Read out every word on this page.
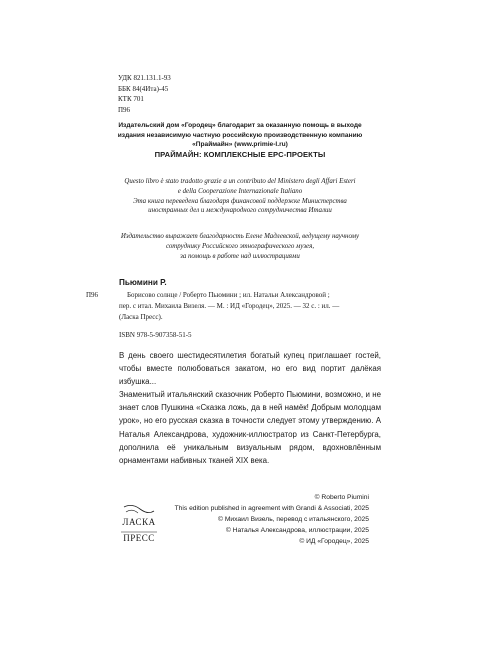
УДК 821.131.1-93
ББК 84(4Ита)-45
КТК 701
П96
Издательский дом «Городец» благодарит за оказанную помощь в выходе
издания независимую частную российскую производственную компанию
«Праймайн» (www.primie-l.ru)
ПРАЙМАЙН: КОМПЛЕКСНЫЕ EPC-ПРОЕКТЫ
Questo libro è stato tradotto grazie a un contributo del Ministero degli Affari Esteri
e della Cooperazione Internazionale Italiano
Эта книга переведена благодаря финансовой поддержке Министерства
иностранных дел и международного сотрудничества Италии
Издательство выражает благодарность Елене Мадлевской, ведущему научному
сотруднику Российского этнографического музея,
за помощь в работе над иллюстрациями
Пьюмини Р.
П96	Борисово солнце / Роберто Пьюмини ; ил. Натальи Александровой ;
пер. с итал. Михаила Визеля. — М. : ИД «Городец», 2025. — 32 с. : ил. —
(Ласка Пресс).
ISBN 978-5-907358-51-5

В день своего шестидесятилетия богатый купец приглашает гостей, чтобы вместе полюбоваться закатом, но его вид портит далёкая избушка...

Знаменитый итальянский сказочник Роберто Пьюмини, возможно, и не знает слов Пушкина «Сказка ложь, да в ней намёк! Добрым молодцам урок», но его русская сказка в точности следует этому утверждению. А Наталья Александрова, художник-иллюстратор из Санкт-Петербурга, дополнила её уникальным визуальным рядом, вдохновлённым орнаментами набивных тканей XIX века.

ЛАСКА
ПРЕСС
© Roberto Piumini
This edition published in agreement with Grandi & Associati, 2025
© Михаил Визель, перевод с итальянского, 2025
© Наталья Александрова, иллюстрации, 2025
© ИД «Городец», 2025
